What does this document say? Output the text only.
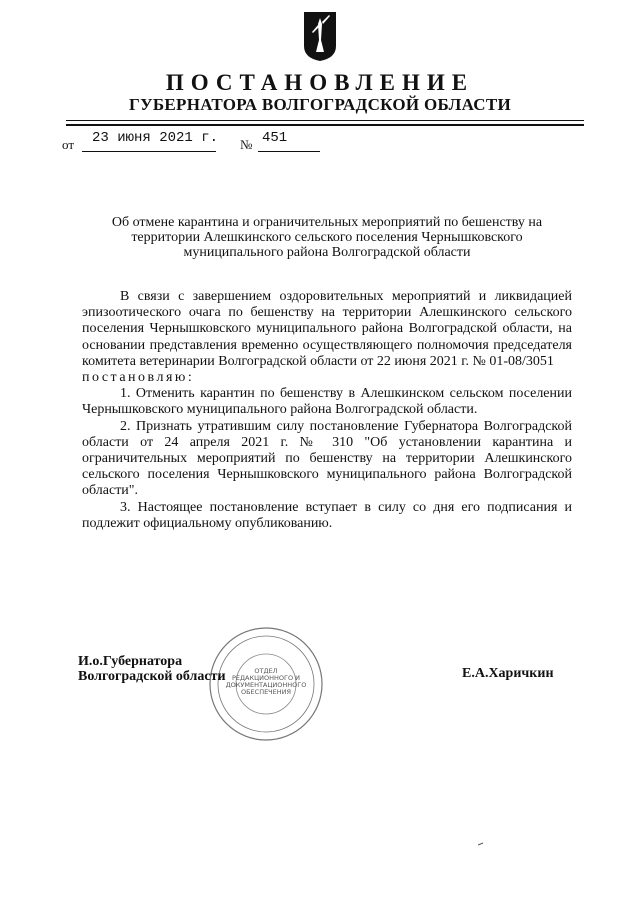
ПОСТАНОВЛЕНИЕ
ГУБЕРНАТОРА ВОЛГОГРАДСКОЙ ОБЛАСТИ
от 23 июня 2021 г. № 451
Об отмене карантина и ограничительных мероприятий по бешенству на территории Алешкинского сельского поселения Чернышковского муниципального района Волгоградской области

В связи с завершением оздоровительных мероприятий и ликвидацией эпизоотического очага по бешенству на территории Алешкинского сельского поселения Чернышковского муниципального района Волгоградской области, на основании представления временно осуществляющего полномочия председателя комитета ветеринарии Волгоградской области от 22 июня 2021 г. № 01-08/3051

постановляю:

1. Отменить карантин по бешенству в Алешкинском сельском поселении Чернышковского муниципального района Волгоградской области.

2. Признать утратившим силу постановление Губернатора Волгоградской области от 24 апреля 2021 г. № 310 "Об установлении карантина и ограничительных мероприятий по бешенству на территории Алешкинского сельского поселения Чернышковского муниципального района Волгоградской области".

3. Настоящее постановление вступает в силу со дня его подписания и подлежит официальному опубликованию.

ОТДЕЛ
РЕДАКЦИОННОГО И
ДОКУМЕНТАЦИОННОГО
ОБЕСПЕЧЕНИЯ
И.о.Губернатора
Волгоградской области	Е.А.Харичкин
